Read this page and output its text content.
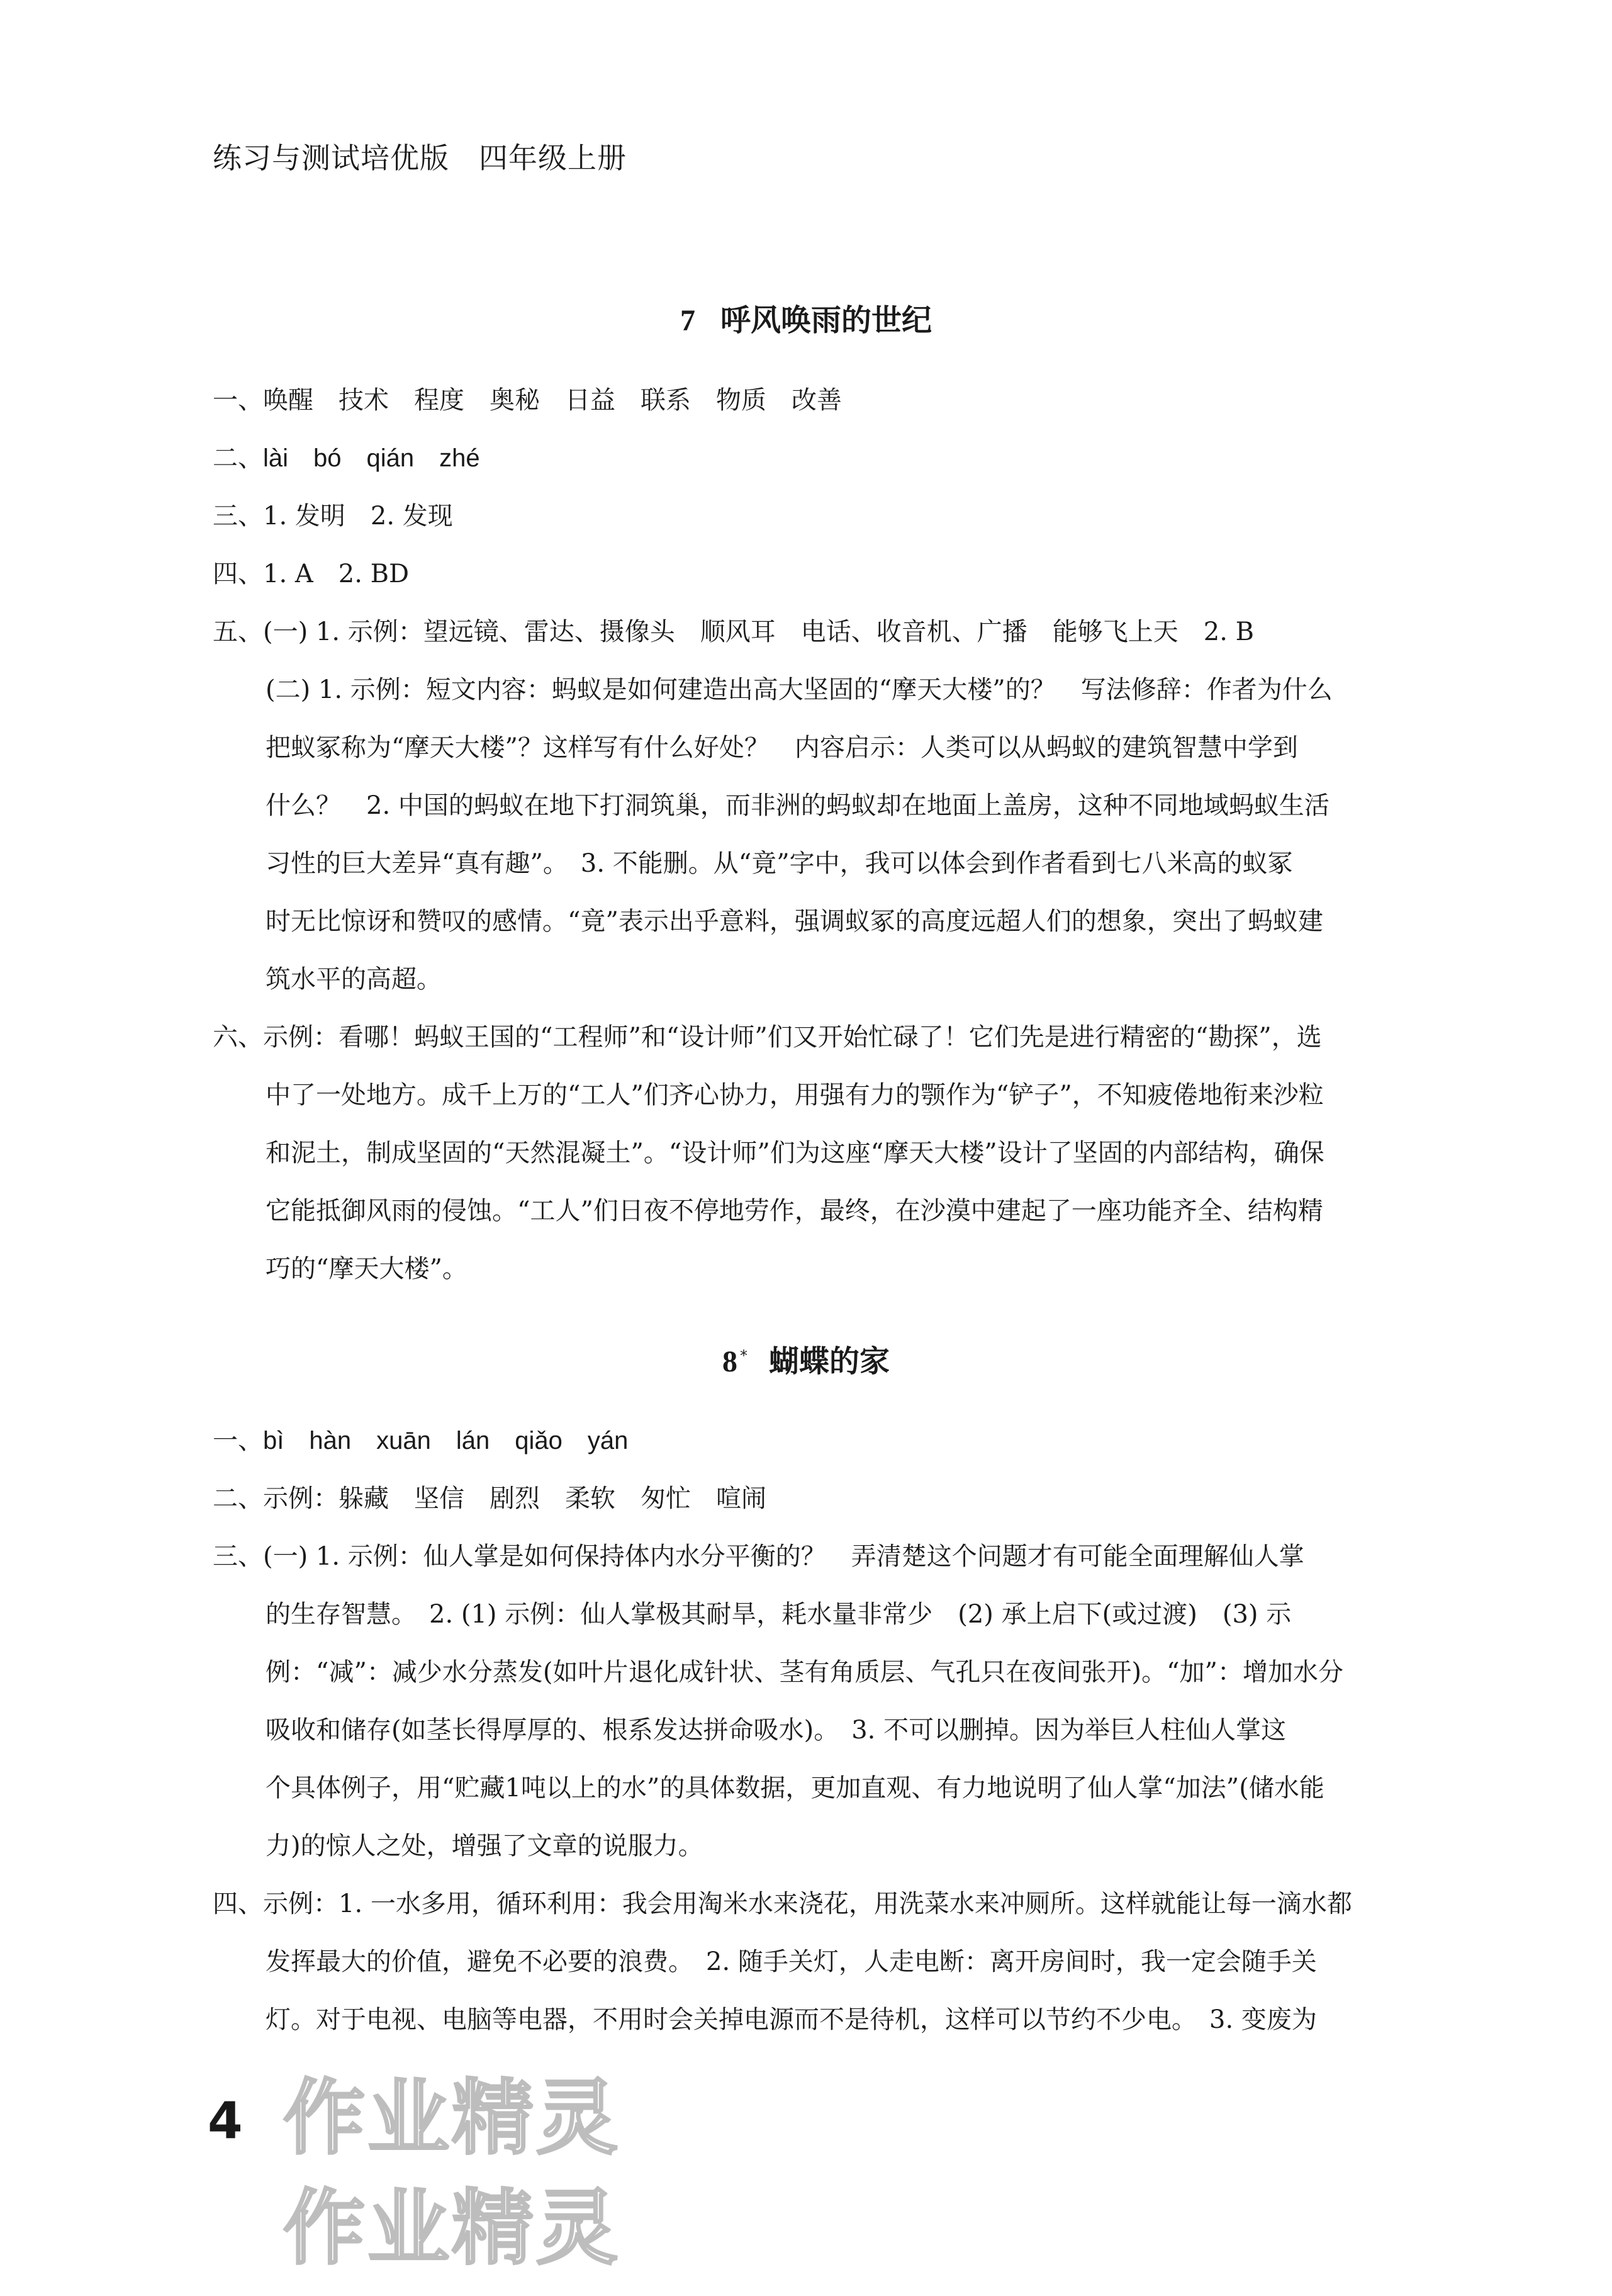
练习与测试培优版　四年级上册
7 呼风唤雨的世纪
一、唤醒　技术　程度　奥秘　日益　联系　物质　改善
二、lài　bó　qián　zhé
三、1. 发明　2. 发现
四、1. A　2. BD
五、(一) 1. 示例：望远镜、雷达、摄像头　顺风耳　电话、收音机、广播　能够飞上天　2. B
(二) 1. 示例：短文内容：蚂蚁是如何建造出高大坚固的“摩天大楼”的？　写法修辞：作者为什么
把蚁冢称为“摩天大楼”？这样写有什么好处？　内容启示：人类可以从蚂蚁的建筑智慧中学到
什么？　2. 中国的蚂蚁在地下打洞筑巢，而非洲的蚂蚁却在地面上盖房，这种不同地域蚂蚁生活
习性的巨大差异“真有趣”。　3. 不能删。从“竟”字中，我可以体会到作者看到七八米高的蚁冢
时无比惊讶和赞叹的感情。“竟”表示出乎意料，强调蚁冢的高度远超人们的想象，突出了蚂蚁建
筑水平的高超。
六、示例：看哪！蚂蚁王国的“工程师”和“设计师”们又开始忙碌了！它们先是进行精密的“勘探”，选
中了一处地方。成千上万的“工人”们齐心协力，用强有力的颚作为“铲子”，不知疲倦地衔来沙粒
和泥土，制成坚固的“天然混凝土”。“设计师”们为这座“摩天大楼”设计了坚固的内部结构，确保
它能抵御风雨的侵蚀。“工人”们日夜不停地劳作，最终，在沙漠中建起了一座功能齐全、结构精
巧的“摩天大楼”。
8 * 蝴蝶的家
一、bì　hàn　xuān　lán　qiǎo　yán
二、示例：躲藏　坚信　剧烈　柔软　匆忙　喧闹
三、(一) 1. 示例：仙人掌是如何保持体内水分平衡的？　弄清楚这个问题才有可能全面理解仙人掌
的生存智慧。　2. (1) 示例：仙人掌极其耐旱，耗水量非常少　(2) 承上启下(或过渡)　(3) 示
例：“减”：减少水分蒸发(如叶片退化成针状、茎有角质层、气孔只在夜间张开)。“加”：增加水分
吸收和储存(如茎长得厚厚的、根系发达拼命吸水)。　3. 不可以删掉。因为举巨人柱仙人掌这
个具体例子，用“贮藏1吨以上的水”的具体数据，更加直观、有力地说明了仙人掌“加法”(储水能
力)的惊人之处，增强了文章的说服力。
四、示例：1. 一水多用，循环利用：我会用淘米水来浇花，用洗菜水来冲厕所。这样就能让每一滴水都
发挥最大的价值，避免不必要的浪费。　2. 随手关灯，人走电断：离开房间时，我一定会随手关
灯。对于电视、电脑等电器，不用时会关掉电源而不是待机，这样可以节约不少电。　3. 变废为
4 作业精灵
作业精灵
